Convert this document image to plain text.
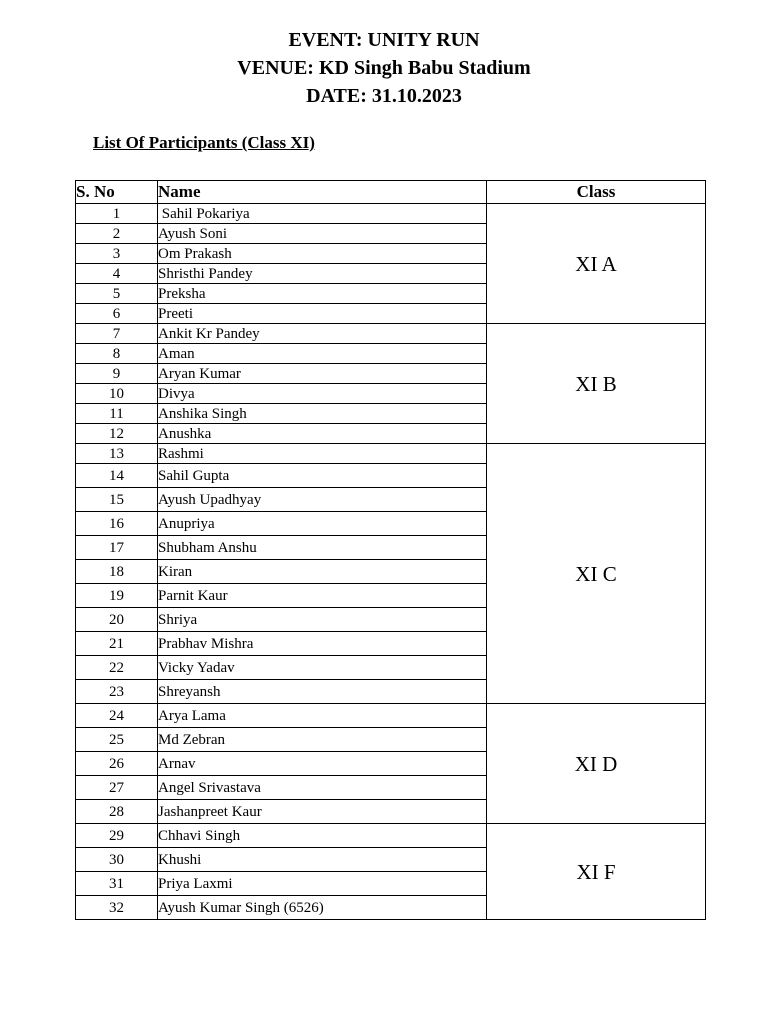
EVENT: UNITY RUN
VENUE: KD Singh Babu Stadium
DATE: 31.10.2023
List Of Participants (Class XI)
S. No	Name	Class
1	Sahil Pokariya	XI A
2	Ayush Soni	
3	Om Prakash	
4	Shristhi Pandey	
5	Preksha	
6	Preeti	
7	Ankit Kr Pandey	XI B
8	Aman	
9	Aryan Kumar	
10	Divya	
11	Anshika Singh	
12	Anushka	
13	Rashmi	XI C
14	Sahil Gupta	
15	Ayush Upadhyay	
16	Anupriya	
17	Shubham Anshu	
18	Kiran	
19	Parnit Kaur	
20	Shriya	
21	Prabhav Mishra	
22	Vicky Yadav	
23	Shreyansh	
24	Arya Lama	XI D
25	Md Zebran	
26	Arnav	
27	Angel Srivastava	
28	Jashanpreet Kaur	
29	Chhavi Singh	XI F
30	Khushi	
31	Priya Laxmi	
32	Ayush Kumar Singh (6526)	
